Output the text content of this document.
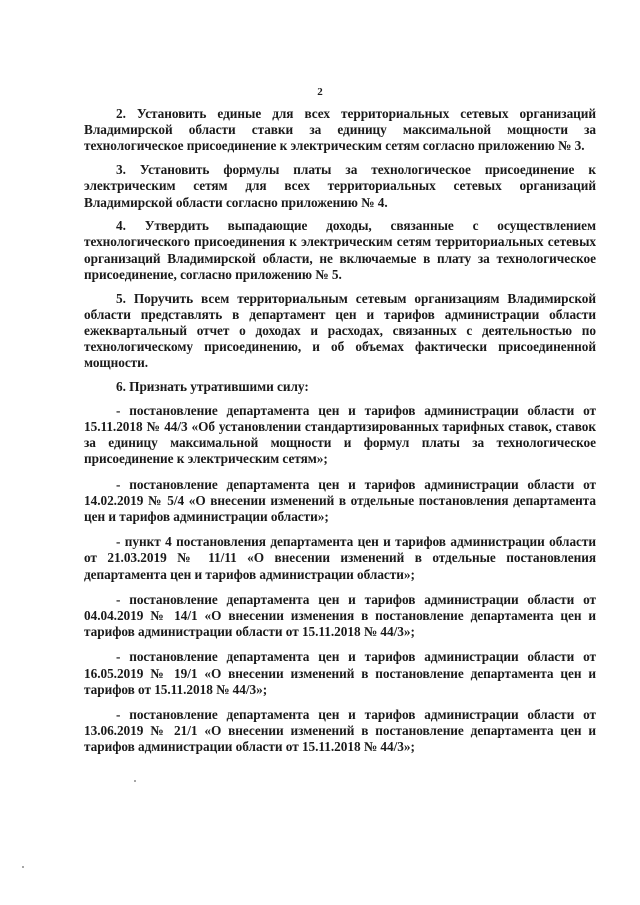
2

2. Установить единые для всех территориальных сетевых организаций Владимирской области ставки за единицу максимальной мощности за технологическое присоединение к электрическим сетям согласно приложению № 3.

3. Установить формулы платы за технологическое присоединение к электрическим сетям для всех территориальных сетевых организаций Владимирской области согласно приложению № 4.

4. Утвердить выпадающие доходы, связанные с осуществлением технологического присоединения к электрическим сетям территориальных сетевых организаций Владимирской области, не включаемые в плату за технологическое присоединение, согласно приложению № 5.

5. Поручить всем территориальным сетевым организациям Владимирской области представлять в департамент цен и тарифов администрации области ежеквартальный отчет о доходах и расходах, связанных с деятельностью по технологическому присоединению, и об объемах фактически присоединенной мощности.

6. Признать утратившими силу:

- постановление департамента цен и тарифов администрации области от 15.11.2018 № 44/3 «Об установлении стандартизированных тарифных ставок, ставок за единицу максимальной мощности и формул платы за технологическое присоединение к электрическим сетям»;

- постановление департамента цен и тарифов администрации области от 14.02.2019 № 5/4 «О внесении изменений в отдельные постановления департамента цен и тарифов администрации области»;

- пункт 4 постановления департамента цен и тарифов администрации области от 21.03.2019 № 11/11 «О внесении изменений в отдельные постановления департамента цен и тарифов администрации области»;

- постановление департамента цен и тарифов администрации области от 04.04.2019 № 14/1 «О внесении изменения в постановление департамента цен и тарифов администрации области от 15.11.2018 № 44/3»;

- постановление департамента цен и тарифов администрации области от 16.05.2019 № 19/1 «О внесении изменений в постановление департамента цен и тарифов от 15.11.2018 № 44/3»;

- постановление департамента цен и тарифов администрации области от 13.06.2019 № 21/1 «О внесении изменений в постановление департамента цен и тарифов администрации области от 15.11.2018 № 44/3»;
